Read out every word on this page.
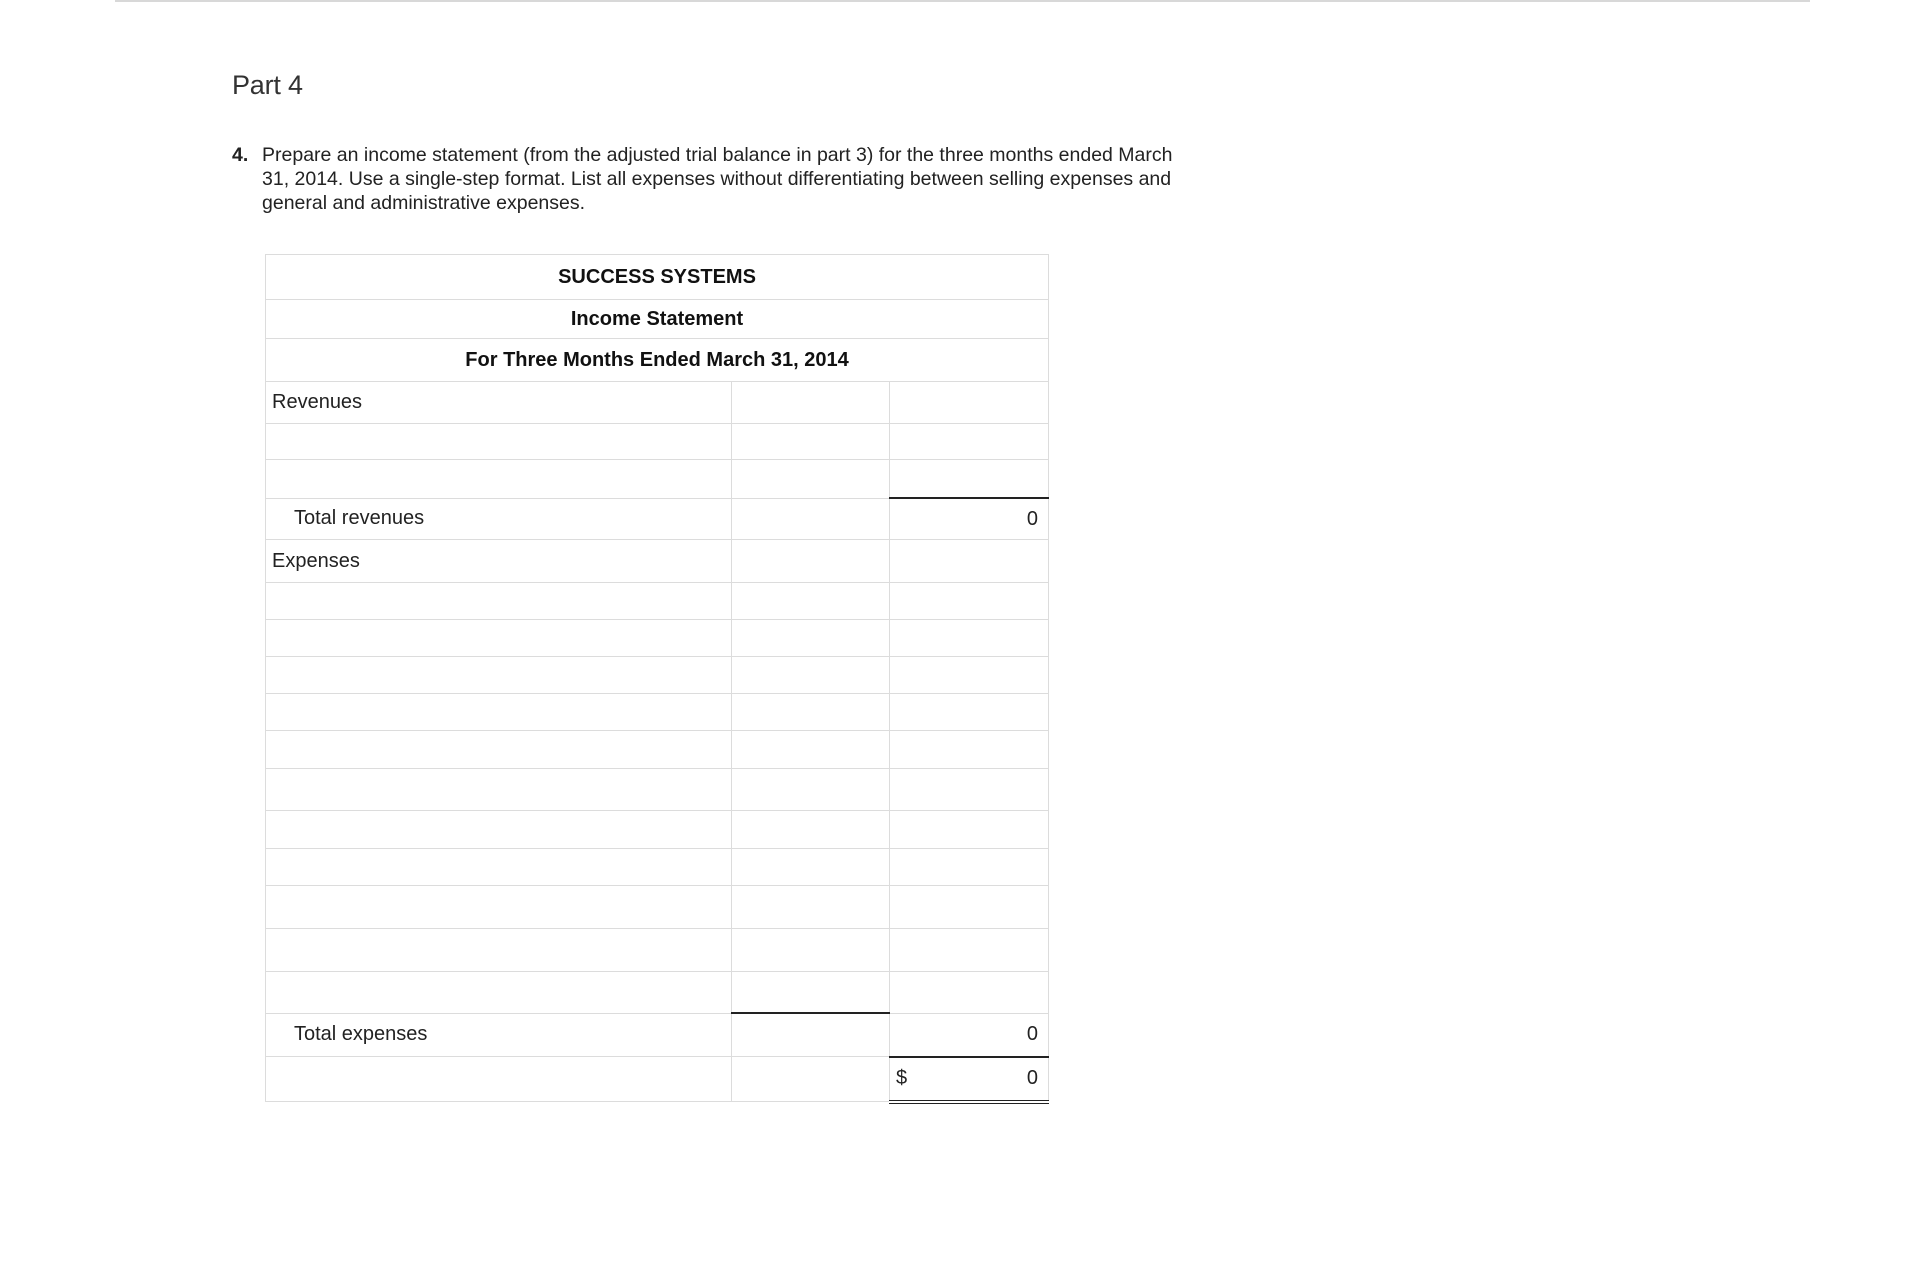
Part 4
4. Prepare an income statement (from the adjusted trial balance in part 3) for the three months ended March 31, 2014. Use a single-step format. List all expenses without differentiating between selling expenses and general and administrative expenses.
SUCCESS SYSTEMS		
Income Statement		
For Three Months Ended March 31, 2014		
Revenues		

Total revenues		0
Expenses		

Total expenses		0

		$ 0
